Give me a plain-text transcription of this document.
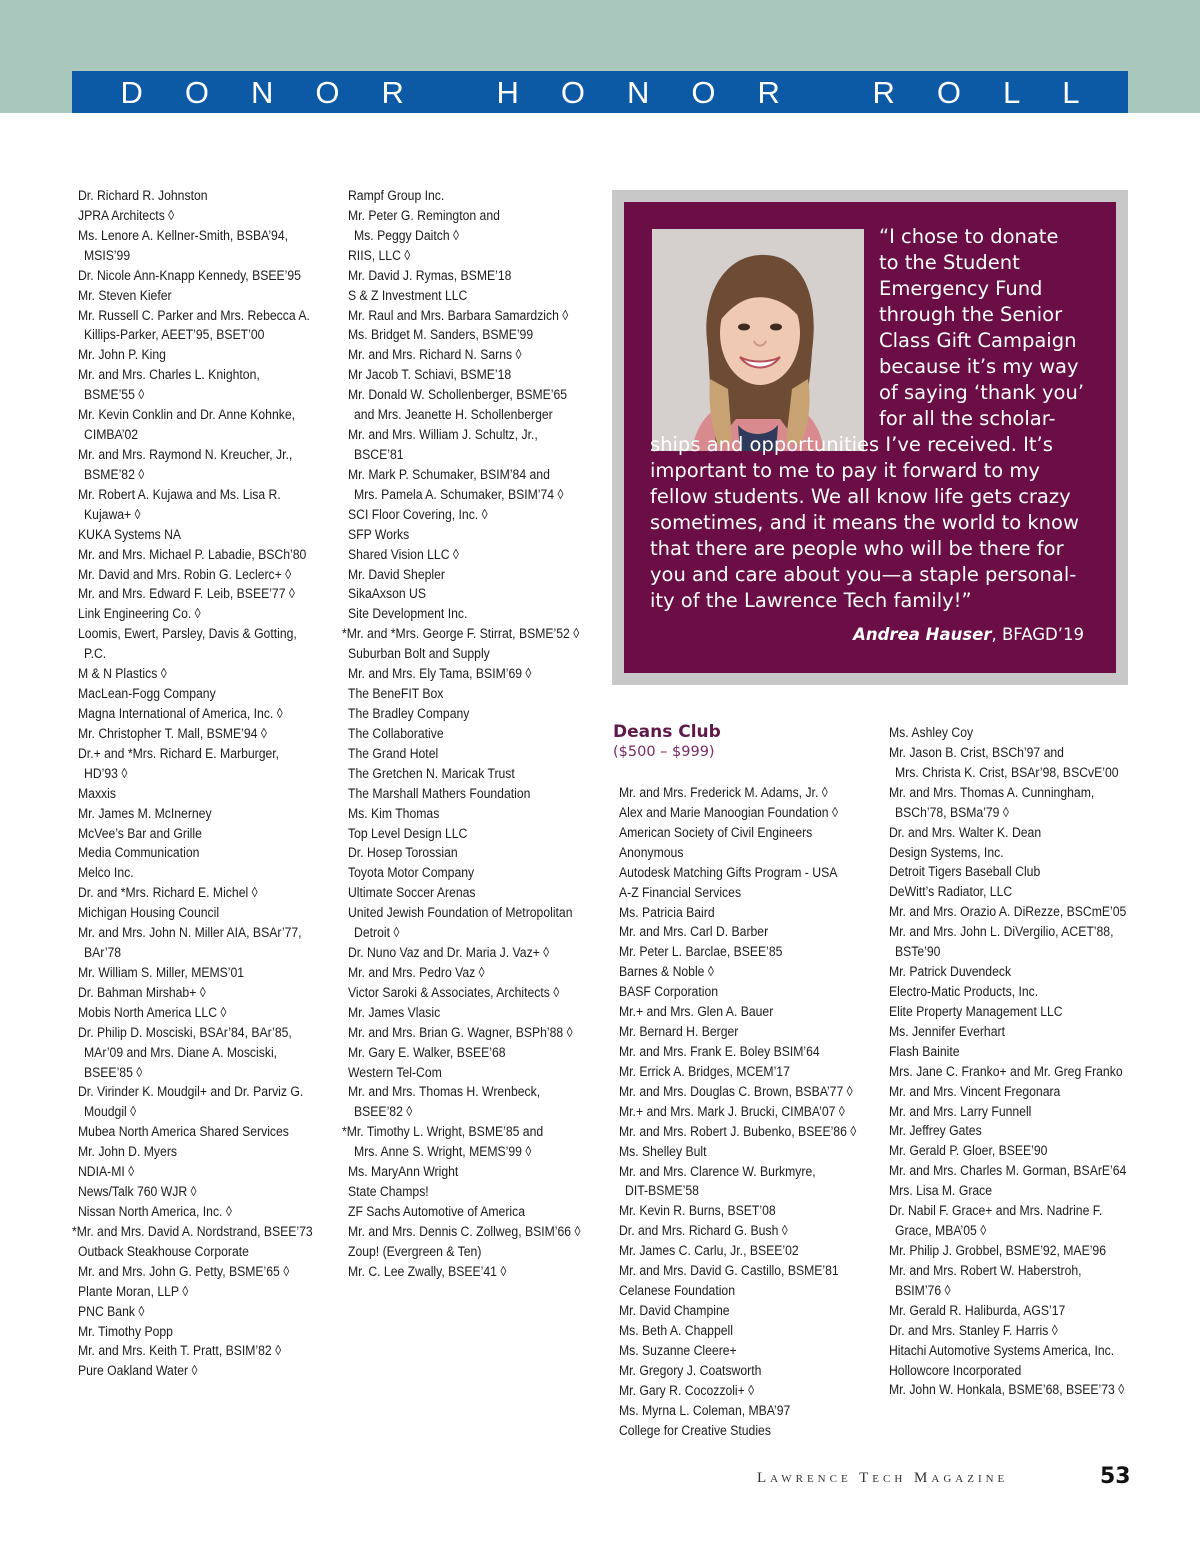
DONOR HONOR ROLL
Dr. Richard R. Johnston
JPRA Architects ◊
Ms. Lenore A. Kellner-Smith, BSBA’94,
MSIS’99
Dr. Nicole Ann-Knapp Kennedy, BSEE’95
Mr. Steven Kiefer
Mr. Russell C. Parker and Mrs. Rebecca A.
Killips-Parker, AEET’95, BSET’00
Mr. John P. King
Mr. and Mrs. Charles L. Knighton,
BSME’55 ◊
Mr. Kevin Conklin and Dr. Anne Kohnke,
CIMBA’02
Mr. and Mrs. Raymond N. Kreucher, Jr.,
BSME’82 ◊
Mr. Robert A. Kujawa and Ms. Lisa R.
Kujawa+ ◊
KUKA Systems NA
Mr. and Mrs. Michael P. Labadie, BSCh’80
Mr. David and Mrs. Robin G. Leclerc+ ◊
Mr. and Mrs. Edward F. Leib, BSEE’77 ◊
Link Engineering Co. ◊
Loomis, Ewert, Parsley, Davis & Gotting,
P.C.
M & N Plastics ◊
MacLean-Fogg Company
Magna International of America, Inc. ◊
Mr. Christopher T. Mall, BSME’94 ◊
Dr.+ and *Mrs. Richard E. Marburger,
HD’93 ◊
Maxxis
Mr. James M. McInerney
McVee’s Bar and Grille
Media Communication
Melco Inc.
Dr. and *Mrs. Richard E. Michel ◊
Michigan Housing Council
Mr. and Mrs. John N. Miller AIA, BSAr’77,
BAr’78
Mr. William S. Miller, MEMS’01
Dr. Bahman Mirshab+ ◊
Mobis North America LLC ◊
Dr. Philip D. Mosciski, BSAr’84, BAr’85,
MAr’09 and Mrs. Diane A. Mosciski,
BSEE’85 ◊
Dr. Virinder K. Moudgil+ and Dr. Parviz G.
Moudgil ◊
Mubea North America Shared Services
Mr. John D. Myers
NDIA-MI ◊
News/Talk 760 WJR ◊
Nissan North America, Inc. ◊
*Mr. and Mrs. David A. Nordstrand, BSEE’73
Outback Steakhouse Corporate
Mr. and Mrs. John G. Petty, BSME’65 ◊
Plante Moran, LLP ◊
PNC Bank ◊
Mr. Timothy Popp
Mr. and Mrs. Keith T. Pratt, BSIM’82 ◊
Pure Oakland Water ◊
Rampf Group Inc.
Mr. Peter G. Remington and
Ms. Peggy Daitch ◊
RIIS, LLC ◊
Mr. David J. Rymas, BSME’18
S & Z Investment LLC
Mr. Raul and Mrs. Barbara Samardzich ◊
Ms. Bridget M. Sanders, BSME’99
Mr. and Mrs. Richard N. Sarns ◊
Mr Jacob T. Schiavi, BSME’18
Mr. Donald W. Schollenberger, BSME’65
and Mrs. Jeanette H. Schollenberger
Mr. and Mrs. William J. Schultz, Jr.,
BSCE’81
Mr. Mark P. Schumaker, BSIM’84 and
Mrs. Pamela A. Schumaker, BSIM’74 ◊
SCI Floor Covering, Inc. ◊
SFP Works
Shared Vision LLC ◊
Mr. David Shepler
SikaAxson US
Site Development Inc.
*Mr. and *Mrs. George F. Stirrat, BSME’52 ◊
Suburban Bolt and Supply
Mr. and Mrs. Ely Tama, BSIM’69 ◊
The BeneFIT Box
The Bradley Company
The Collaborative
The Grand Hotel
The Gretchen N. Maricak Trust
The Marshall Mathers Foundation
Ms. Kim Thomas
Top Level Design LLC
Dr. Hosep Torossian
Toyota Motor Company
Ultimate Soccer Arenas
United Jewish Foundation of Metropolitan
Detroit ◊
Dr. Nuno Vaz and Dr. Maria J. Vaz+ ◊
Mr. and Mrs. Pedro Vaz ◊
Victor Saroki & Associates, Architects ◊
Mr. James Vlasic
Mr. and Mrs. Brian G. Wagner, BSPh’88 ◊
Mr. Gary E. Walker, BSEE’68
Western Tel-Com
Mr. and Mrs. Thomas H. Wrenbeck,
BSEE’82 ◊
*Mr. Timothy L. Wright, BSME’85 and
Mrs. Anne S. Wright, MEMS’99 ◊
Ms. MaryAnn Wright
State Champs!
ZF Sachs Automotive of America
Mr. and Mrs. Dennis C. Zollweg, BSIM’66 ◊
Zoup! (Evergreen & Ten)
Mr. C. Lee Zwally, BSEE’41 ◊
“I chose to donate
to the Student
Emergency Fund
through the Senior
Class Gift Campaign
because it’s my way
of saying ‘thank you’
for all the scholar-
ships and opportunities I’ve received. It’s
important to me to pay it forward to my
fellow students. We all know life gets crazy
sometimes, and it means the world to know
that there are people who will be there for
you and care about you—a staple personal-
ity of the Lawrence Tech family!”
Andrea Hauser, BFAGD’19
Deans Club
($500 – $999)
Mr. and Mrs. Frederick M. Adams, Jr. ◊
Alex and Marie Manoogian Foundation ◊
American Society of Civil Engineers
Anonymous
Autodesk Matching Gifts Program - USA
A-Z Financial Services
Ms. Patricia Baird
Mr. and Mrs. Carl D. Barber
Mr. Peter L. Barclae, BSEE’85
Barnes & Noble ◊
BASF Corporation
Mr.+ and Mrs. Glen A. Bauer
Mr. Bernard H. Berger
Mr. and Mrs. Frank E. Boley BSIM’64
Mr. Errick A. Bridges, MCEM’17
Mr. and Mrs. Douglas C. Brown, BSBA’77 ◊
Mr.+ and Mrs. Mark J. Brucki, CIMBA’07 ◊
Mr. and Mrs. Robert J. Bubenko, BSEE’86 ◊
Ms. Shelley Bult
Mr. and Mrs. Clarence W. Burkmyre,
DIT-BSME’58
Mr. Kevin R. Burns, BSET’08
Dr. and Mrs. Richard G. Bush ◊
Mr. James C. Carlu, Jr., BSEE’02
Mr. and Mrs. David G. Castillo, BSME’81
Celanese Foundation
Mr. David Champine
Ms. Beth A. Chappell
Ms. Suzanne Cleere+
Mr. Gregory J. Coatsworth
Mr. Gary R. Cocozzoli+ ◊
Ms. Myrna L. Coleman, MBA’97
College for Creative Studies
Ms. Ashley Coy
Mr. Jason B. Crist, BSCh’97 and
Mrs. Christa K. Crist, BSAr’98, BSCvE’00
Mr. and Mrs. Thomas A. Cunningham,
BSCh’78, BSMa’79 ◊
Dr. and Mrs. Walter K. Dean
Design Systems, Inc.
Detroit Tigers Baseball Club
DeWitt’s Radiator, LLC
Mr. and Mrs. Orazio A. DiRezze, BSCmE’05
Mr. and Mrs. John L. DiVergilio, ACET’88,
BSTe’90
Mr. Patrick Duvendeck
Electro-Matic Products, Inc.
Elite Property Management LLC
Ms. Jennifer Everhart
Flash Bainite
Mrs. Jane C. Franko+ and Mr. Greg Franko
Mr. and Mrs. Vincent Fregonara
Mr. and Mrs. Larry Funnell
Mr. Jeffrey Gates
Mr. Gerald P. Gloer, BSEE’90
Mr. and Mrs. Charles M. Gorman, BSArE’64
Mrs. Lisa M. Grace
Dr. Nabil F. Grace+ and Mrs. Nadrine F.
Grace, MBA’05 ◊
Mr. Philip J. Grobbel, BSME’92, MAE’96
Mr. and Mrs. Robert W. Haberstroh,
BSIM’76 ◊
Mr. Gerald R. Haliburda, AGS’17
Dr. and Mrs. Stanley F. Harris ◊
Hitachi Automotive Systems America, Inc.
Hollowcore Incorporated
Mr. John W. Honkala, BSME’68, BSEE’73 ◊
Lawrence Tech Magazine	53
